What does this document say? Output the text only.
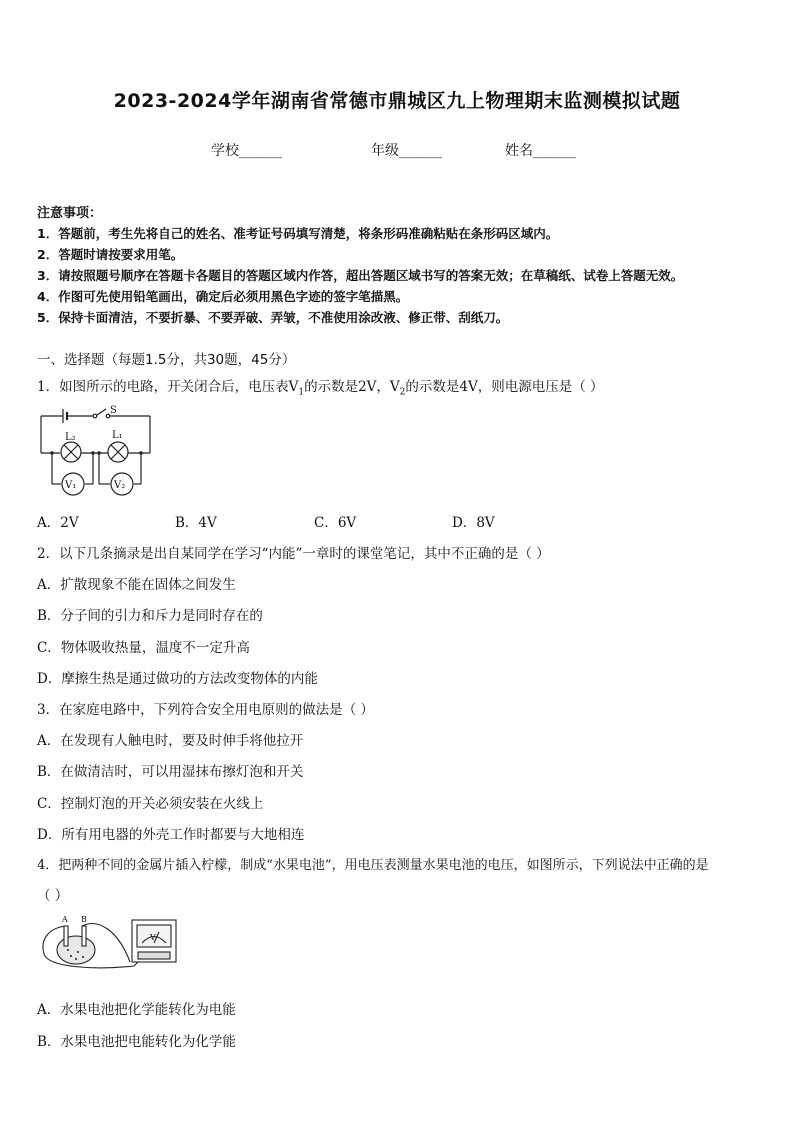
2023-2024学年湖南省常德市鼎城区九上物理期末监测模拟试题
学校_______	年级_______	姓名_______
注意事项：
1．答题前，考生先将自己的姓名、准考证号码填写清楚，将条形码准确粘贴在条形码区域内。
2．答题时请按要求用笔。
3．请按照题号顺序在答题卡各题目的答题区域内作答，超出答题区域书写的答案无效；在草稿纸、试卷上答题无效。
4．作图可先使用铅笔画出，确定后必须用黑色字迹的签字笔描黑。
5．保持卡面清洁，不要折暴、不要弄破、弄皱，不准使用涂改液、修正带、刮纸刀。
一、选择题（每题1.5分，共30题，45分）
1．如图所示的电路，开关闭合后，电压表$V_1$的示数是2V，$V_2$的示数是4V，则电源电压是（ ）
S
L₂	L₁
V₁	V₂
A．2V	B．4V	C．6V	D．8V
2．以下几条摘录是出自某同学在学习“内能”一章时的课堂笔记，其中不正确的是（ ）
A．扩散现象不能在固体之间发生
B．分子间的引力和斥力是同时存在的
C．物体吸收热量，温度不一定升高
D．摩擦生热是通过做功的方法改变物体的内能
3．在家庭电路中，下列符合安全用电原则的做法是（ ）
A．在发现有人触电时，要及时伸手将他拉开
B．在做清洁时，可以用湿抹布擦灯泡和开关
C．控制灯泡的开关必须安装在火线上
D．所有用电器的外壳工作时都要与大地相连
4．把两种不同的金属片插入柠檬，制成“水果电池”，用电压表测量水果电池的电压，如图所示，下列说法中正确的是
（ ）
A B
V
A．水果电池把化学能转化为电能
B．水果电池把电能转化为化学能
